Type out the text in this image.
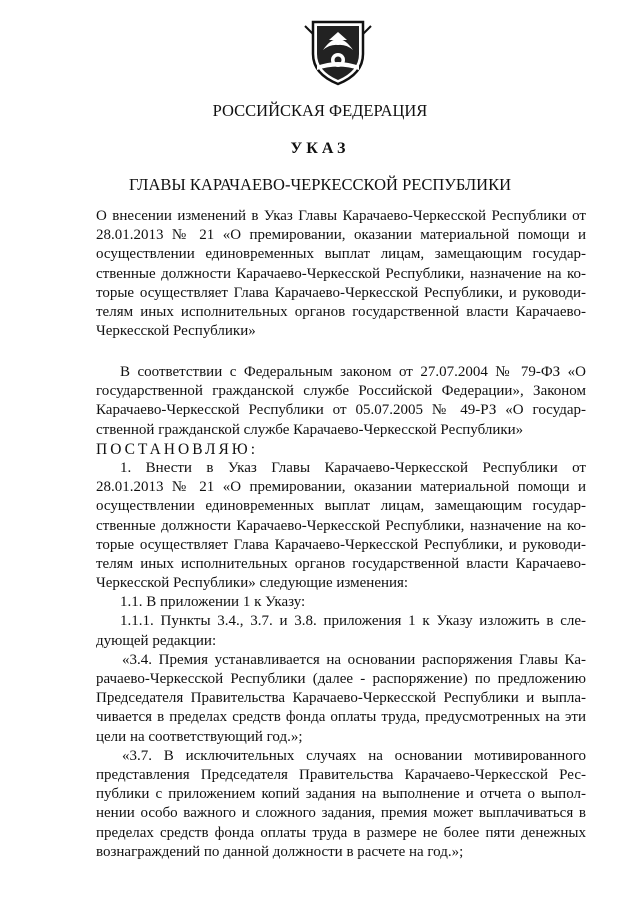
РОССИЙСКАЯ ФЕДЕРАЦИЯ
УКАЗ
ГЛАВЫ КАРАЧАЕВО-ЧЕРКЕССКОЙ РЕСПУБЛИКИ
О внесении изменений в Указ Главы Карачаево-Черкесской Республики от
28.01.2013 № 21 «О премировании, оказании материальной помощи и
осуществлении единовременных выплат лицам, замещающим государ-
ственные должности Карачаево-Черкесской Республики, назначение на ко-
торые осуществляет Глава Карачаево-Черкесской Республики, и руководи-
телям иных исполнительных органов государственной власти Карачаево-
Черкесской Республики»
В соответствии с Федеральным законом от 27.07.2004 № 79-ФЗ «О
государственной гражданской службе Российской Федерации», Законом
Карачаево-Черкесской Республики от 05.07.2005 № 49-РЗ «О государ-
ственной гражданской службе Карачаево-Черкесской Республики»
ПОСТАНОВЛЯЮ:
1. Внести в Указ Главы Карачаево-Черкесской Республики от
28.01.2013 № 21 «О премировании, оказании материальной помощи и
осуществлении единовременных выплат лицам, замещающим государ-
ственные должности Карачаево-Черкесской Республики, назначение на ко-
торые осуществляет Глава Карачаево-Черкесской Республики, и руководи-
телям иных исполнительных органов государственной власти Карачаево-
Черкесской Республики» следующие изменения:
1.1. В приложении 1 к Указу:
1.1.1. Пункты 3.4., 3.7. и 3.8. приложения 1 к Указу изложить в сле-
дующей редакции:
«3.4. Премия устанавливается на основании распоряжения Главы Ка-
рачаево-Черкесской Республики (далее - распоряжение) по предложению
Председателя Правительства Карачаево-Черкесской Республики и выпла-
чивается в пределах средств фонда оплаты труда, предусмотренных на эти
цели на соответствующий год.»;
«3.7. В исключительных случаях на основании мотивированного
представления Председателя Правительства Карачаево-Черкесской Рес-
публики с приложением копий задания на выполнение и отчета о выпол-
нении особо важного и сложного задания, премия может выплачиваться в
пределах средств фонда оплаты труда в размере не более пяти денежных
вознаграждений по данной должности в расчете на год.»;
